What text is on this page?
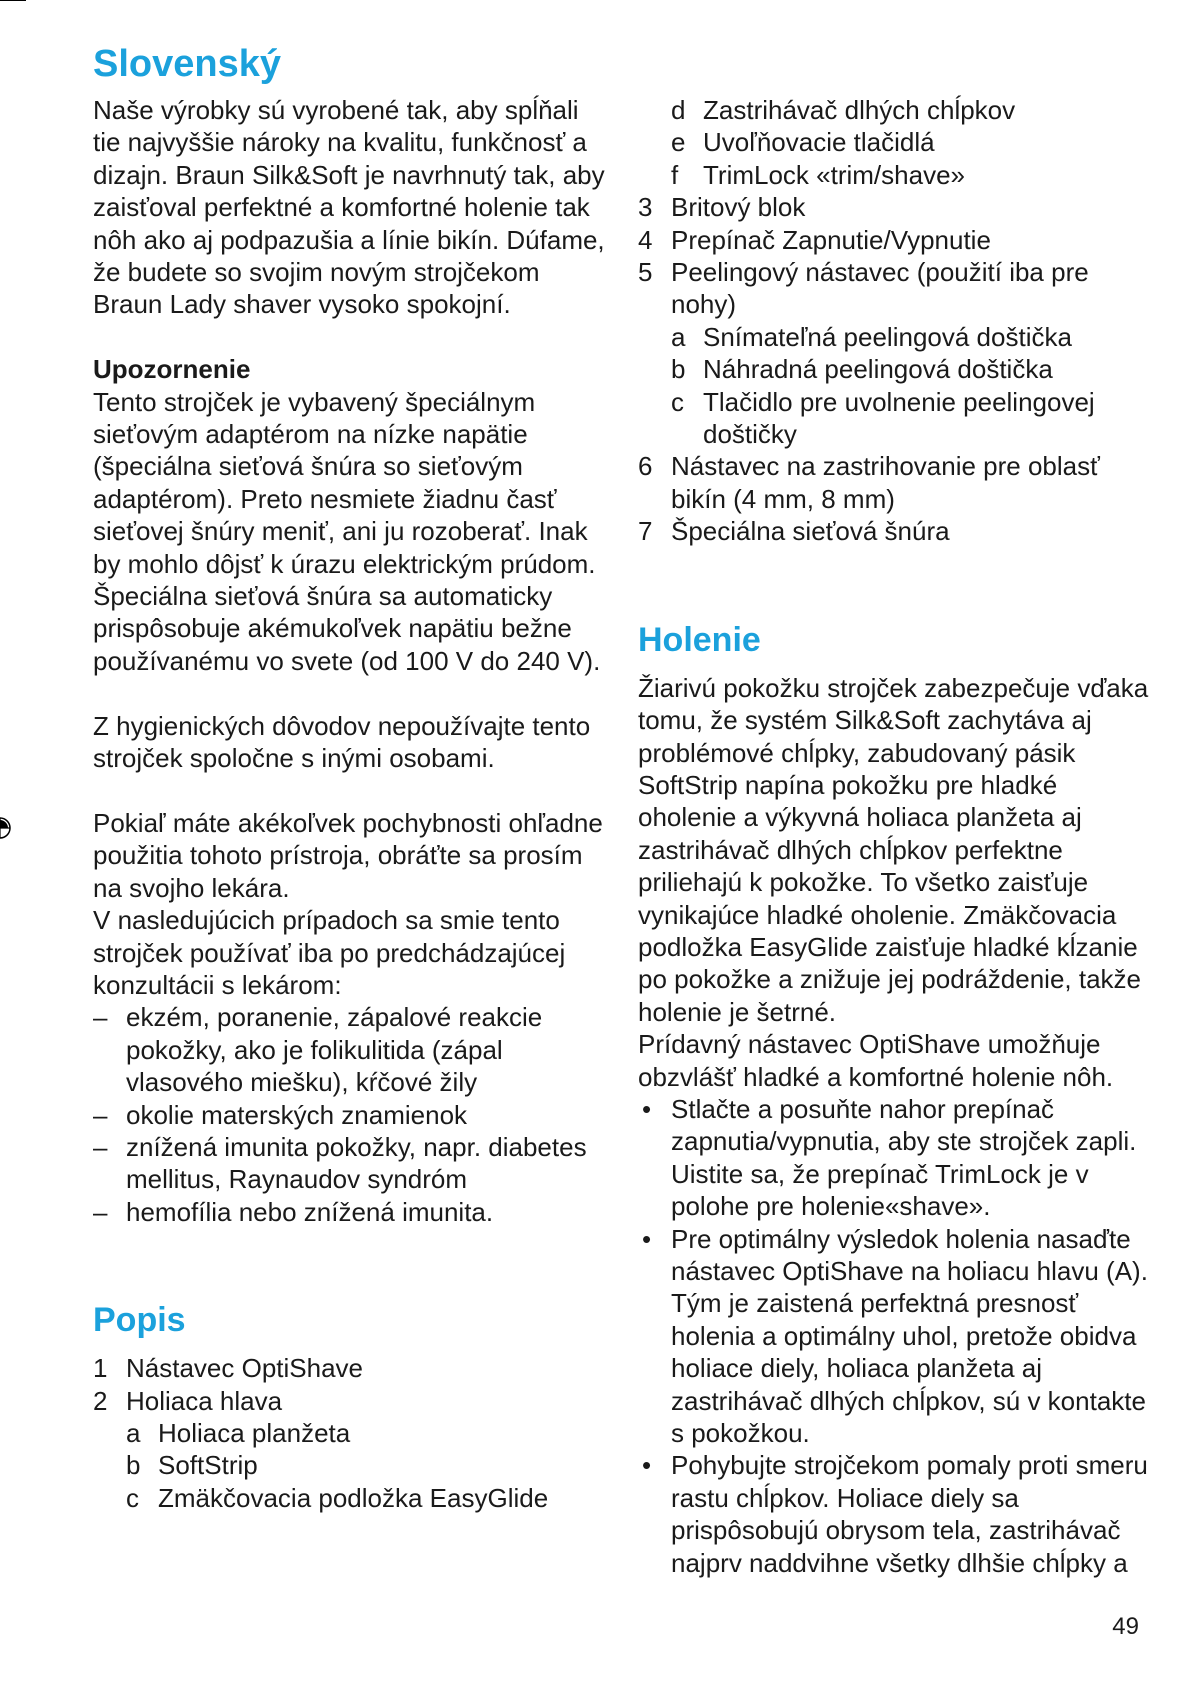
Slovenský

Naše výrobky sú vyrobené tak, aby spĺňali tie najvyššie nároky na kvalitu, funkčnosť a dizajn. Braun Silk&Soft je navrhnutý tak, aby zaisťoval perfektné a komfortné holenie tak nôh ako aj podpazušia a línie bikín. Dúfame, že budete so svojim novým strojčekom Braun Lady shaver vysoko spokojní.

Upozornenie

Tento strojček je vybavený špeciálnym sieťovým adaptérom na nízke napätie (špeciálna sieťová šnúra so sieťovým adaptérom). Preto nesmiete žiadnu časť sieťovej šnúry meniť, ani ju rozoberať. Inak by mohlo dôjsť k úrazu elektrickým prúdom.

Špeciálna sieťová šnúra sa automaticky prispôsobuje akémukoľvek napätiu bežne používanému vo svete (od 100 V do 240 V).

Z hygienických dôvodov nepoužívajte tento strojček spoločne s inými osobami.

Pokiaľ máte akékoľvek pochybnosti ohľadne použitia tohoto prístroja, obráťte sa prosím na svojho lekára.

V nasledujúcich prípadoch sa smie tento strojček používať iba po predchádzajúcej konzultácii s lekárom:

– ekzém, poranenie, zápalové reakcie pokožky, ako je folikulitida (zápal vlasového miešku), kŕčové žily
– okolie materských znamienok
– znížená imunita pokožky, napr. diabetes mellitus, Raynaudov syndróm
– hemofília nebo znížená imunita.
Popis
1 Nástavec OptiShave
2 Holiaca hlava
a Holiaca planžeta
b SoftStrip
c Zmäkčovacia podložka EasyGlide
d Zastrihávač dlhých chĺpkov
e Uvoľňovacie tlačidlá
f TrimLock «trim/shave»
3 Britový blok
4 Prepínač Zapnutie/Vypnutie
5 Peelingový nástavec (použití iba pre nohy)
a Snímateľná peelingová doštička
b Náhradná peelingová doštička
c Tlačidlo pre uvolnenie peelingovej doštičky
6 Nástavec na zastrihovanie pre oblasť bikín (4 mm, 8 mm)
7 Špeciálna sieťová šnúra
Holenie

Žiarivú pokožku strojček zabezpečuje vďaka tomu, že systém Silk&Soft zachytáva aj problémové chĺpky, zabudovaný pásik SoftStrip napína pokožku pre hladké oholenie a výkyvná holiaca planžeta aj zastrihávač dlhých chĺpkov perfektne priliehajú k pokožke. To všetko zaisťuje vynikajúce hladké oholenie. Zmäkčovacia podložka EasyGlide zaisťuje hladké kĺzanie po pokožke a znižuje jej podráždenie, takže holenie je šetrné.

Prídavný nástavec OptiShave umožňuje obzvlášť hladké a komfortné holenie nôh.

• Stlačte a posuňte nahor prepínač zapnutia/vypnutia, aby ste strojček zapli. Uistite sa, že prepínač TrimLock je v polohe pre holenie«shave».
• Pre optimálny výsledok holenia nasaďte nástavec OptiShave na holiacu hlavu (A). Tým je zaistená perfektná presnosť holenia a optimálny uhol, pretože obidva holiace diely, holiaca planžeta aj zastrihávač dlhých chĺpkov, sú v kontakte s pokožkou.
• Pohybujte strojčekom pomaly proti smeru rastu chĺpkov. Holiace diely sa prispôsobujú obrysom tela, zastrihávač najprv naddvihne všetky dlhšie chĺpky a
49
